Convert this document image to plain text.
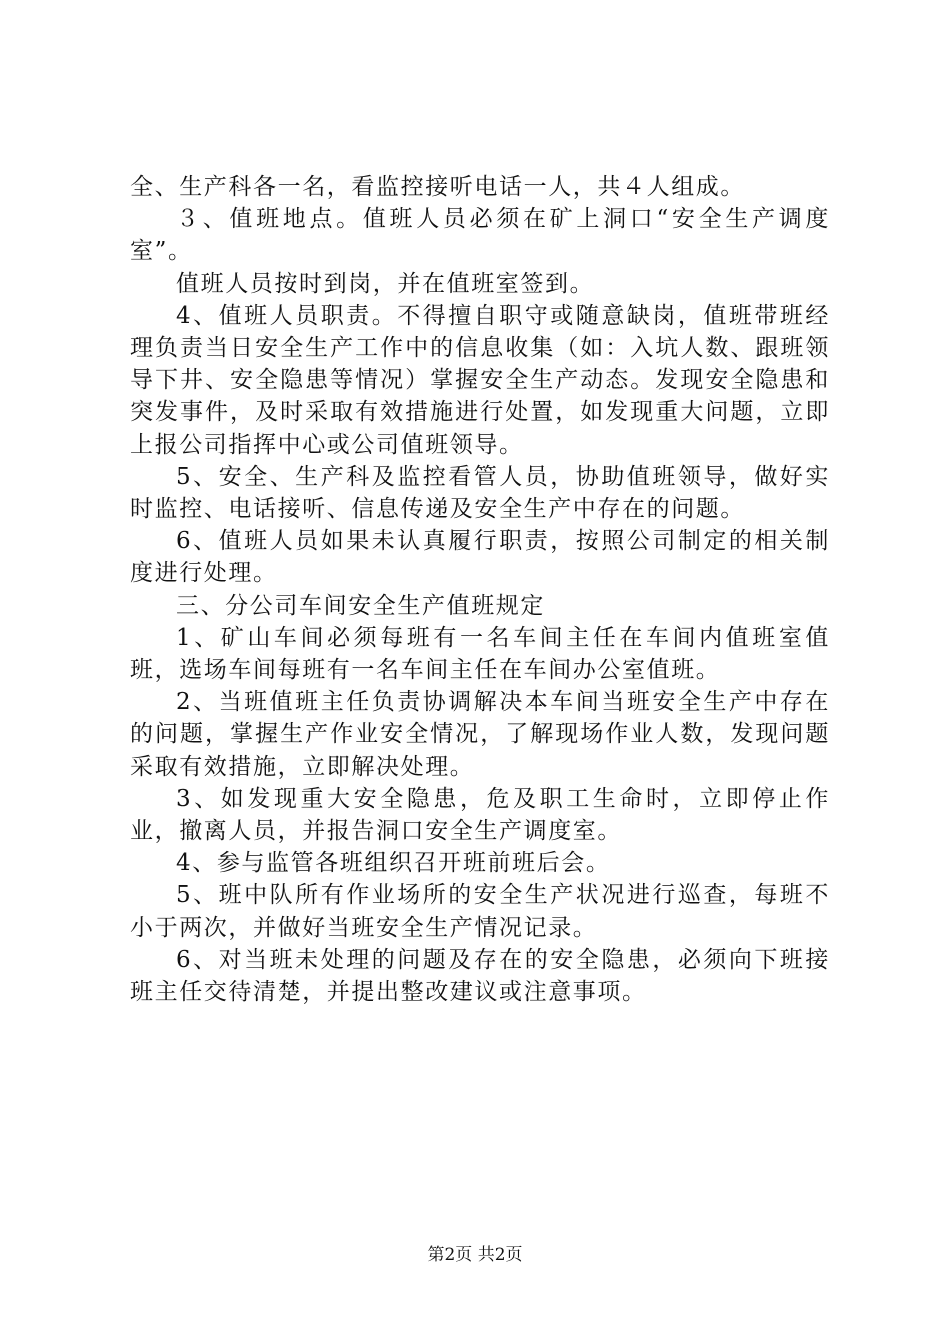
全、生产科各一名，看监控接听电话一人，共４人组成。

３、值班地点。值班人员必须在矿上洞口“安全生产调度室”。

值班人员按时到岗，并在值班室签到。

4、值班人员职责。不得擅自职守或随意缺岗，值班带班经理负责当日安全生产工作中的信息收集（如：入坑人数、跟班领导下井、安全隐患等情况）掌握安全生产动态。发现安全隐患和突发事件，及时采取有效措施进行处置，如发现重大问题，立即上报公司指挥中心或公司值班领导。

5、安全、生产科及监控看管人员，协助值班领导，做好实时监控、电话接听、信息传递及安全生产中存在的问题。

6、值班人员如果未认真履行职责，按照公司制定的相关制度进行处理。

三、分公司车间安全生产值班规定

1、矿山车间必须每班有一名车间主任在车间内值班室值班，选场车间每班有一名车间主任在车间办公室值班。

2、当班值班主任负责协调解决本车间当班安全生产中存在的问题，掌握生产作业安全情况，了解现场作业人数，发现问题采取有效措施，立即解决处理。

3、如发现重大安全隐患，危及职工生命时，立即停止作业，撤离人员，并报告洞口安全生产调度室。

4、参与监管各班组织召开班前班后会。

5、班中队所有作业场所的安全生产状况进行巡查，每班不小于两次，并做好当班安全生产情况记录。

6、对当班未处理的问题及存在的安全隐患，必须向下班接班主任交待清楚，并提出整改建议或注意事项。

第2页 共2页
